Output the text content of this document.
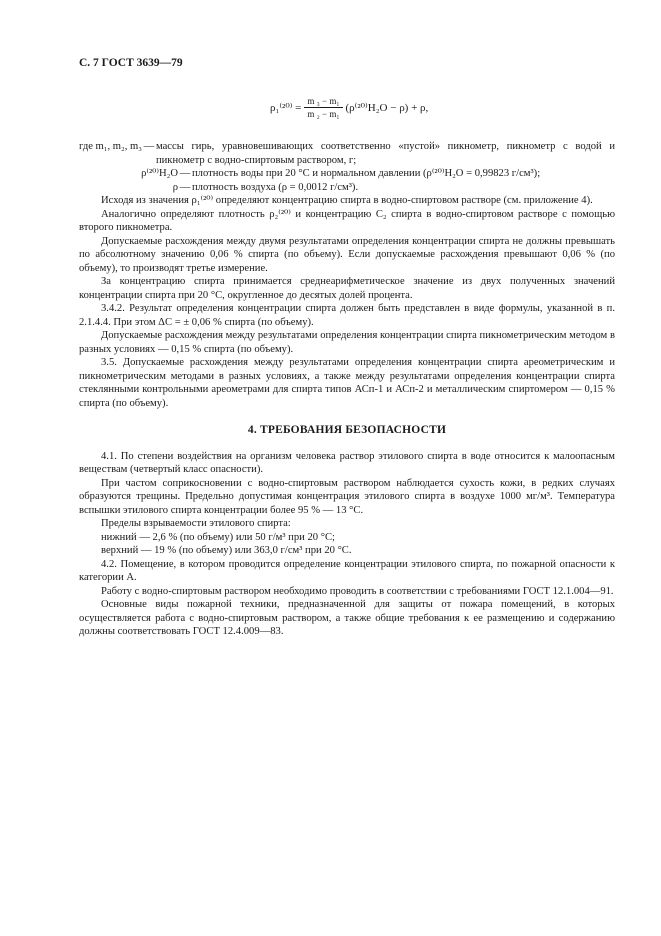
С. 7 ГОСТ 3639—79
$\rho_1^{(20)} = \frac{\text{m ₃ − m₁}}{\text{m ₂ − m₁}} (\rho^{(20)}H_2O - \rho) + \rho$,
где m₁, m₂, m₃ — массы гирь, уравновешивающих соответственно «пустой» пикнометр, пикнометр с водой и пикнометр с водно-спиртовым раствором, г;
ρ⁽²⁰⁾H₂O — плотность воды при 20 °С и нормальном давлении (ρ⁽²⁰⁾H₂O = 0,99823 г/см³);
ρ — плотность воздуха (ρ = 0,0012 г/см³).

Исходя из значения ρ₁⁽²⁰⁾ определяют концентрацию спирта в водно-спиртовом растворе (см. приложение 4).

Аналогично определяют плотность ρ₂⁽²⁰⁾ и концентрацию C₂ спирта в водно-спиртовом растворе с помощью второго пикнометра.

Допускаемые расхождения между двумя результатами определения концентрации спирта не должны превышать по абсолютному значению 0,06 % спирта (по объему). Если допускаемые расхождения превышают 0,06 % (по объему), то производят третье измерение.

За концентрацию спирта принимается среднеарифметическое значение из двух полученных значений концентрации спирта при 20 °С, округленное до десятых долей процента.

3.4.2. Результат определения концентрации спирта должен быть представлен в виде формулы, указанной в п. 2.1.4.4. При этом ΔC = ± 0,06 % спирта (по объему).

Допускаемые расхождения между результатами определения концентрации спирта пикнометрическим методом в разных условиях — 0,15 % спирта (по объему).

3.5. Допускаемые расхождения между результатами определения концентрации спирта ареометрическим и пикнометрическим методами в разных условиях, а также между результатами определения концентрации спирта стеклянными контрольными ареометрами для спирта типов АСп-1 и АСп-2 и металлическим спиртомером — 0,15 % спирта (по объему).

4. ТРЕБОВАНИЯ БЕЗОПАСНОСТИ

4.1. По степени воздействия на организм человека раствор этилового спирта в воде относится к малоопасным веществам (четвертый класс опасности).

При частом соприкосновении с водно-спиртовым раствором наблюдается сухость кожи, в редких случаях образуются трещины. Предельно допустимая концентрация этилового спирта в воздухе 1000 мг/м³. Температура вспышки этилового спирта концентрации более 95 % — 13 °С.

Пределы взрываемости этилового спирта:

нижний — 2,6 % (по объему) или 50 г/м³ при 20 °С;

верхний — 19 % (по объему) или 363,0 г/см³ при 20 °С.

4.2. Помещение, в котором проводится определение концентрации этилового спирта, по пожарной опасности к категории А.

Работу с водно-спиртовым раствором необходимо проводить в соответствии с требованиями ГОСТ 12.1.004—91.

Основные виды пожарной техники, предназначенной для защиты от пожара помещений, в которых осуществляется работа с водно-спиртовым раствором, а также общие требования к ее размещению и содержанию должны соответствовать ГОСТ 12.4.009—83.
